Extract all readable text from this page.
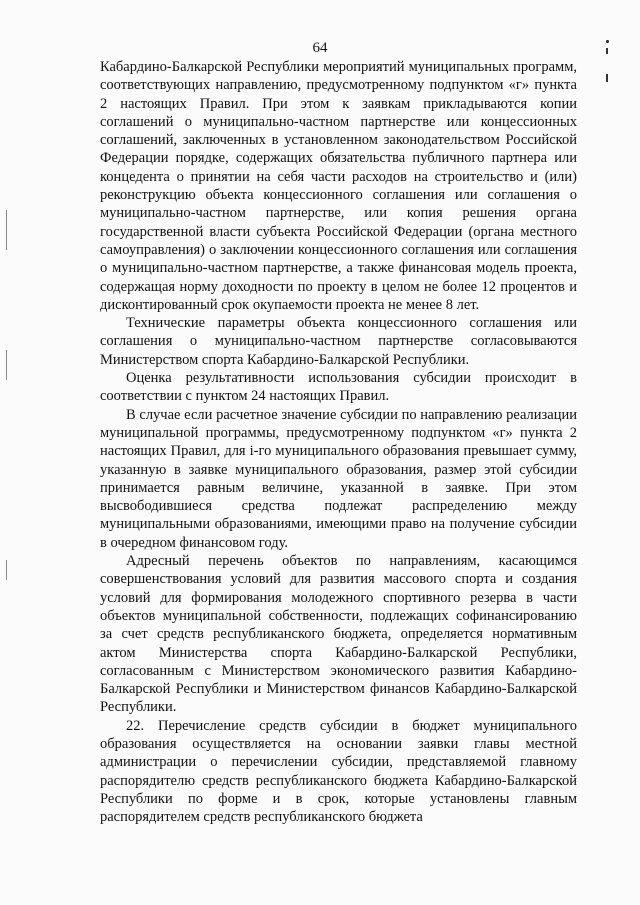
64

Кабардино-Балкарской Республики мероприятий муниципальных программ, соответствующих направлению, предусмотренному подпунктом «г» пункта 2 настоящих Правил. При этом к заявкам прикладываются копии соглашений о муниципально-частном партнерстве или концессионных соглашений, заключенных в установленном законодательством Российской Федерации порядке, содержащих обязательства публичного партнера или концедента о принятии на себя части расходов на строительство и (или) реконструкцию объекта концессионного соглашения или соглашения о муниципально-частном партнерстве, или копия решения органа государственной власти субъекта Российской Федерации (органа местного самоуправления) о заключении концессионного соглашения или соглашения о муниципально-частном партнерстве, а также финансовая модель проекта, содержащая норму доходности по проекту в целом не более 12 процентов и дисконтированный срок окупаемости проекта не менее 8 лет.

Технические параметры объекта концессионного соглашения или соглашения о муниципально-частном партнерстве согласовываются Министерством спорта Кабардино-Балкарской Республики.

Оценка результативности использования субсидии происходит в соответствии с пунктом 24 настоящих Правил.

В случае если расчетное значение субсидии по направлению реализации муниципальной программы, предусмотренному подпунктом «г» пункта 2 настоящих Правил, для i-го муниципального образования превышает сумму, указанную в заявке муниципального образования, размер этой субсидии принимается равным величине, указанной в заявке. При этом высвободившиеся средства подлежат распределению между муниципальными образованиями, имеющими право на получение субсидии в очередном финансовом году.

Адресный перечень объектов по направлениям, касающимся совершенствования условий для развития массового спорта и создания условий для формирования молодежного спортивного резерва в части объектов муниципальной собственности, подлежащих софинансированию за счет средств республиканского бюджета, определяется нормативным актом Министерства спорта Кабардино-Балкарской Республики, согласованным с Министерством экономического развития Кабардино-Балкарской Республики и Министерством финансов Кабардино-Балкарской Республики.

22. Перечисление средств субсидии в бюджет муниципального образования осуществляется на основании заявки главы местной администрации о перечислении субсидии, представляемой главному распорядителю средств республиканского бюджета Кабардино-Балкарской Республики по форме и в срок, которые установлены главным распорядителем средств республиканского бюджета
